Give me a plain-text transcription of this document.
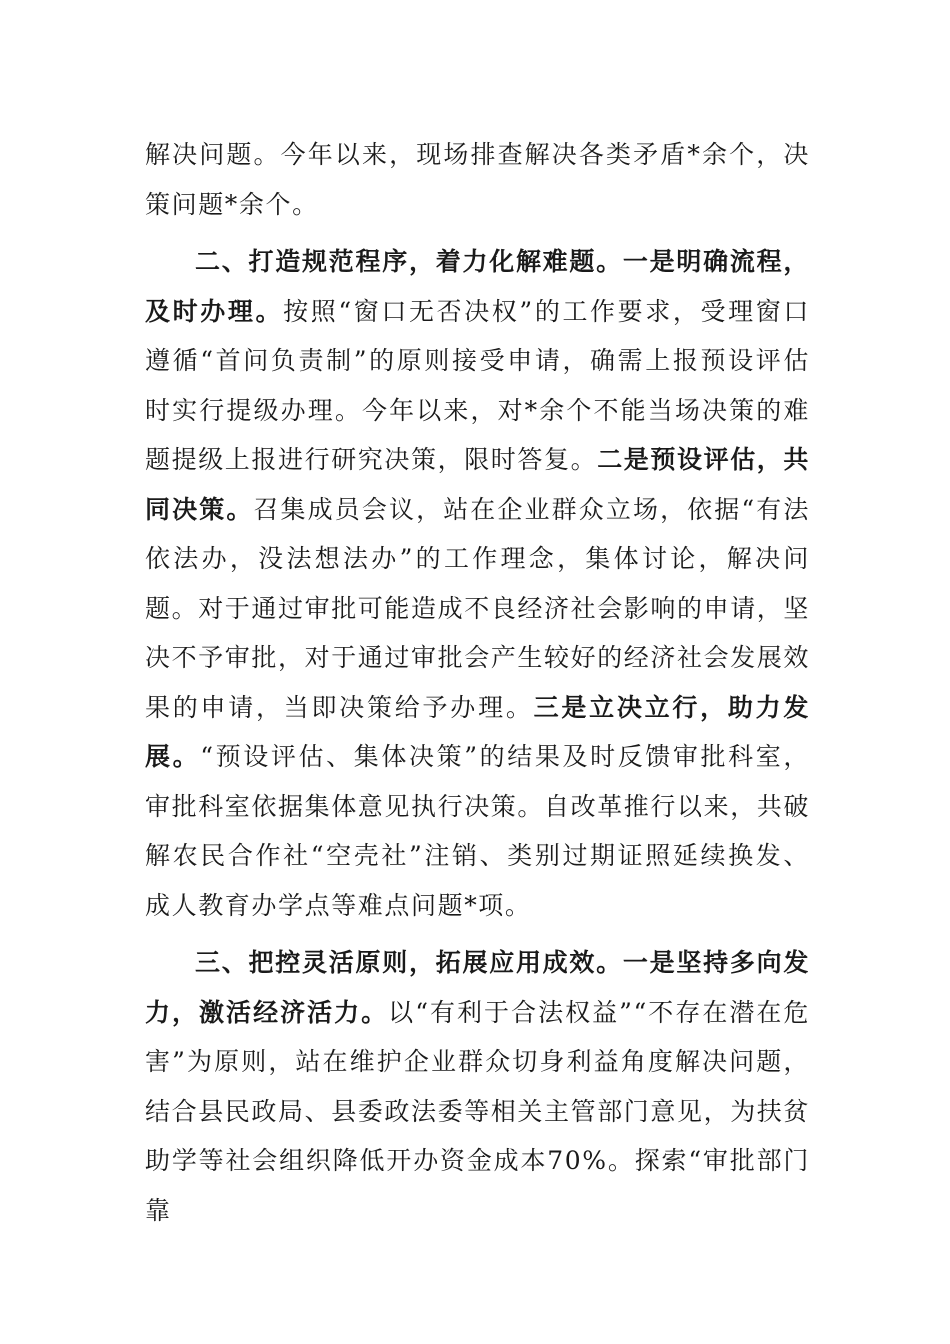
解决问题。今年以来，现场排查解决各类矛盾*余个，决策问题*余个。

二、打造规范程序，着力化解难题。一是明确流程，及时办理。按照“窗口无否决权”的工作要求，受理窗口遵循“首问负责制”的原则接受申请，确需上报预设评估时实行提级办理。今年以来，对*余个不能当场决策的难题提级上报进行研究决策，限时答复。二是预设评估，共同决策。召集成员会议，站在企业群众立场，依据“有法依法办，没法想法办”的工作理念，集体讨论，解决问题。对于通过审批可能造成不良经济社会影响的申请，坚决不予审批，对于通过审批会产生较好的经济社会发展效果的申请，当即决策给予办理。三是立决立行，助力发展。“预设评估、集体决策”的结果及时反馈审批科室，审批科室依据集体意见执行决策。自改革推行以来，共破解农民合作社“空壳社”注销、类别过期证照延续换发、成人教育办学点等难点问题*项。

三、把控灵活原则，拓展应用成效。一是坚持多向发力，激活经济活力。以“有利于合法权益”“不存在潜在危害”为原则，站在维护企业群众切身利益角度解决问题，结合县民政局、县委政法委等相关主管部门意见，为扶贫助学等社会组织降低开办资金成本70%。探索“审批部门靠
